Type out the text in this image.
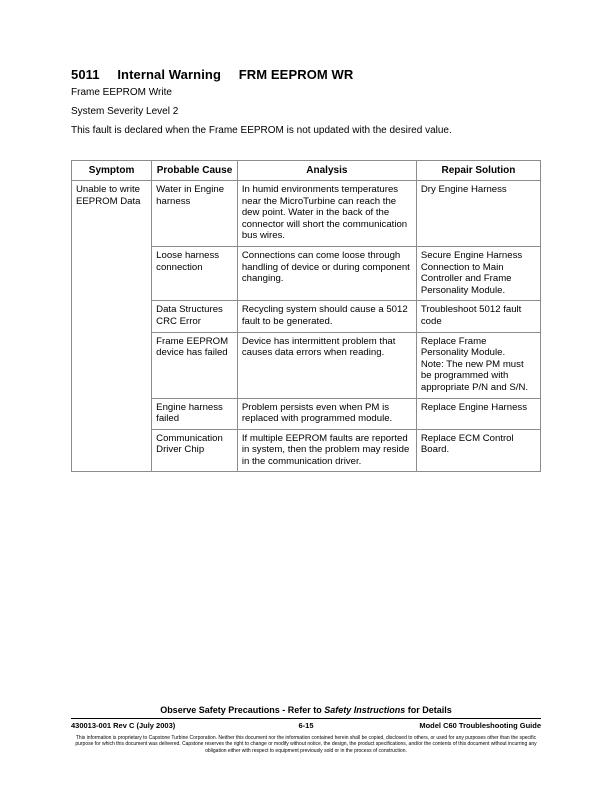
5011 Internal Warning FRM EEPROM WR
Frame EEPROM Write
System Severity Level 2
This fault is declared when the Frame EEPROM is not updated with the desired value.
Symptom	Probable Cause	Analysis	Repair Solution
Unable to write EEPROM Data	Water in Engine harness	In humid environments temperatures near the MicroTurbine can reach the dew point. Water in the back of the connector will short the communication bus wires.	Dry Engine Harness
	Loose harness connection	Connections can come loose through handling of device or during component changing.	Secure Engine Harness Connection to Main Controller and Frame Personality Module.
	Data Structures CRC Error	Recycling system should cause a 5012 fault to be generated.	Troubleshoot 5012 fault code
	Frame EEPROM device has failed	Device has intermittent problem that causes data errors when reading.	Replace Frame Personality Module.
Note: The new PM must be programmed with appropriate P/N and S/N.

	Engine harness failed	Problem persists even when PM is replaced with programmed module.	Replace Engine Harness
	Communication Driver Chip	If multiple EEPROM faults are reported in system, then the problem may reside in the communication driver.	Replace ECM Control Board.
Observe Safety Precautions - Refer to Safety Instructions for Details
430013-001 Rev C (July 2003)	6-15	Model C60 Troubleshooting Guide
This information is proprietary to Capstone Turbine Corporation. Neither this document nor the information contained herein shall be copied, disclosed to others, or used for any purposes other than the specific purpose for which this document was delivered. Capstone reserves the right to change or modify without notice, the design, the product specifications, and/or the contents of this document without incurring any obligation either with respect to equipment previously sold or in the process of construction.
